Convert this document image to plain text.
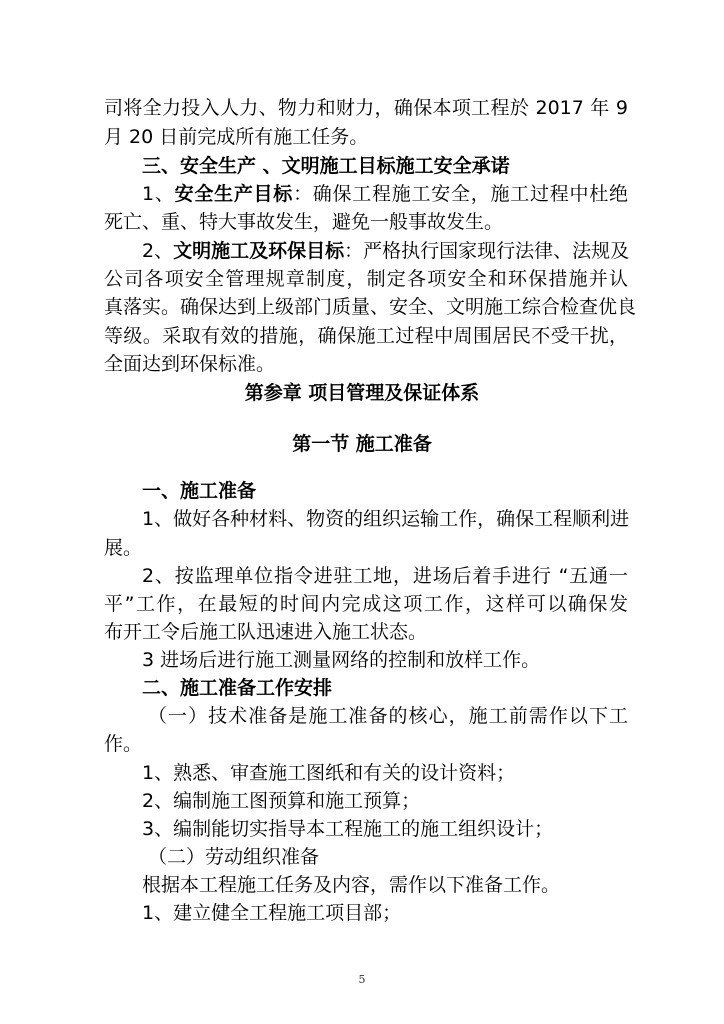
司将全力投入人力、物力和财力，确保本项工程於 2017 年 9

月 20 日前完成所有施工任务。

三、安全生产 、文明施工目标施工安全承诺

1、安全生产目标：确保工程施工安全，施工过程中杜绝

死亡、重、特大事故发生，避免一般事故发生。

2、文明施工及环保目标：严格执行国家现行法律、法规及

公司各项安全管理规章制度，制定各项安全和环保措施并认

真落实。确保达到上级部门质量、安全、文明施工综合检查优良

等级。采取有效的措施，确保施工过程中周围居民不受干扰，

全面达到环保标准。

第参章 项目管理及保证体系

第一节 施工准备

一、施工准备

1、做好各种材料、物资的组织运输工作，确保工程顺利进

展。

2、按监理单位指令进驻工地，进场后着手进行 “五通一

平”工作，在最短的时间内完成这项工作，这样可以确保发

布开工令后施工队迅速进入施工状态。

3 进场后进行施工测量网络的控制和放样工作。

二、施工准备工作安排

（一）技术准备是施工准备的核心，施工前需作以下工

作。

1、熟悉、审查施工图纸和有关的设计资料；

2、编制施工图预算和施工预算；

3、编制能切实指导本工程施工的施工组织设计；

（二）劳动组织准备

根据本工程施工任务及内容，需作以下准备工作。

1、建立健全工程施工项目部；

5
